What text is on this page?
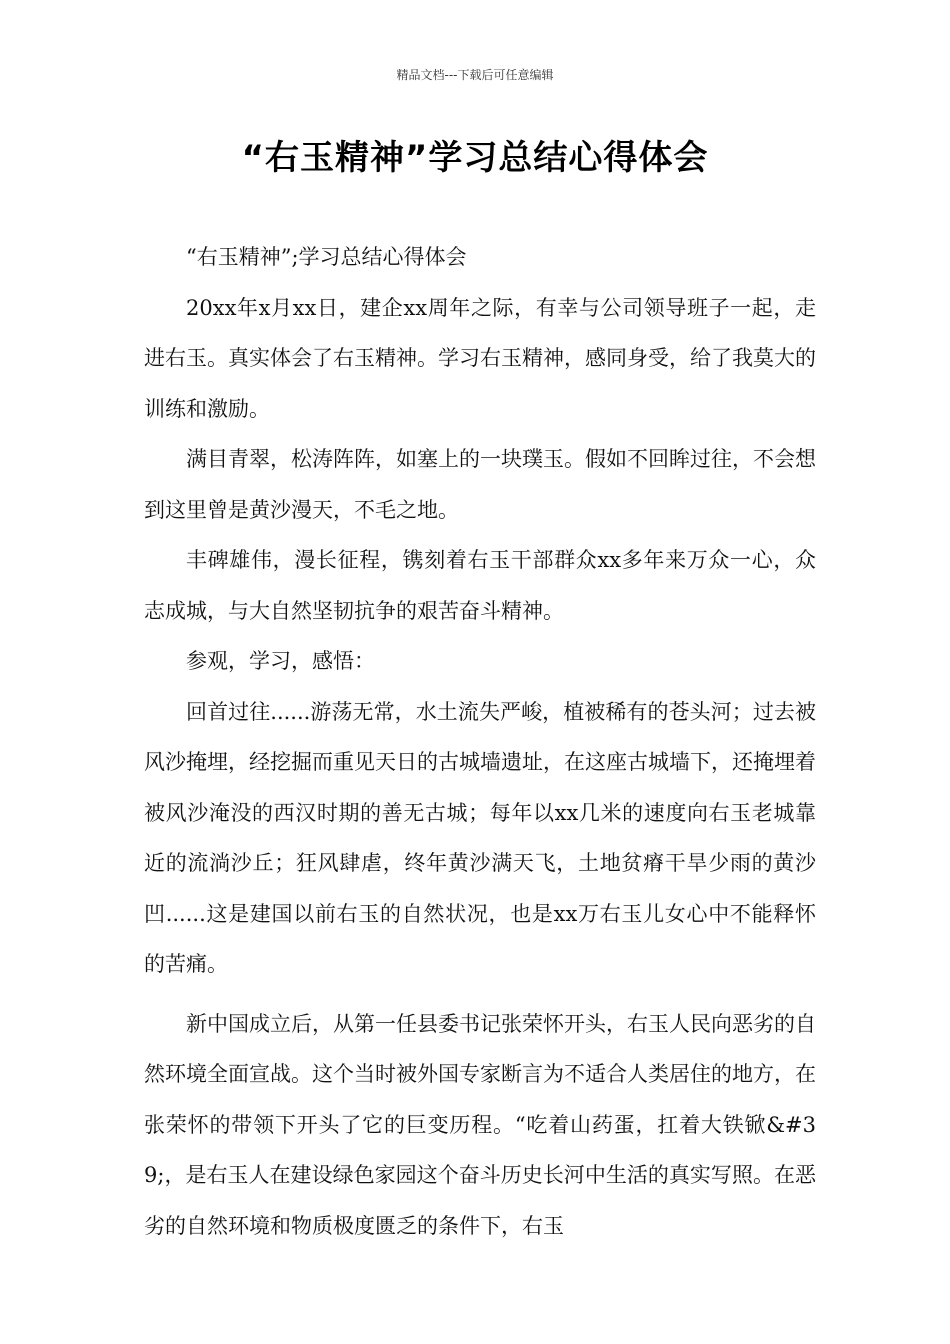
精品文档---下载后可任意编辑
“右玉精神”学习总结心得体会

“右玉精神”;学习总结心得体会

20xx年x月xx日，建企xx周年之际，有幸与公司领导班子一起，走进右玉。真实体会了右玉精神。学习右玉精神，感同身受，给了我莫大的训练和激励。

满目青翠，松涛阵阵，如塞上的一块璞玉。假如不回眸过往，不会想到这里曾是黄沙漫天，不毛之地。

丰碑雄伟，漫长征程，镌刻着右玉干部群众xx多年来万众一心，众志成城，与大自然坚韧抗争的艰苦奋斗精神。

参观，学习，感悟：

回首过往......游荡无常，水土流失严峻，植被稀有的苍头河；过去被风沙掩埋，经挖掘而重见天日的古城墙遗址，在这座古城墙下，还掩埋着被风沙淹没的西汉时期的善无古城；每年以xx几米的速度向右玉老城靠近的流淌沙丘；狂风肆虐，终年黄沙满天飞，土地贫瘠干旱少雨的黄沙凹......这是建国以前右玉的自然状况，也是xx万右玉儿女心中不能释怀的苦痛。

新中国成立后，从第一任县委书记张荣怀开头，右玉人民向恶劣的自然环境全面宣战。这个当时被外国专家断言为不适合人类居住的地方，在张荣怀的带领下开头了它的巨变历程。“吃着山药蛋，扛着大铁锨&#39;，是右玉人在建设绿色家园这个奋斗历史长河中生活的真实写照。在恶劣的自然环境和物质极度匮乏的条件下，右玉
